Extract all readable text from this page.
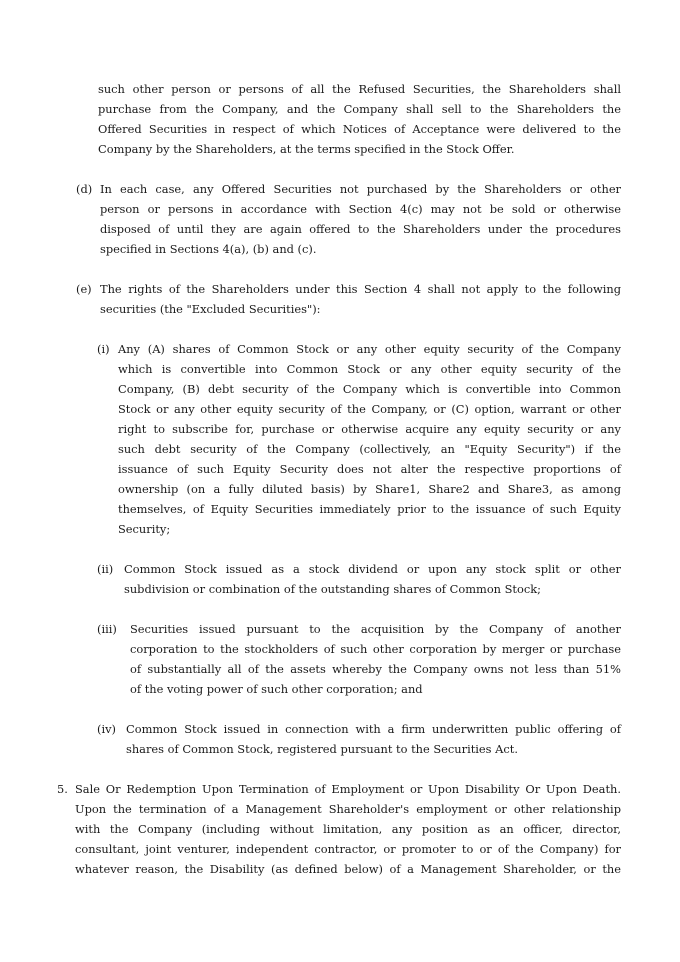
such other person or persons of all the Refused Securities, the Shareholders shall
purchase from the Company, and the Company shall sell to the Shareholders the
Offered Securities in respect of which Notices of Acceptance were delivered to the
Company by the Shareholders, at the terms specified in the Stock Offer.
(d) In each case, any Offered Securities not purchased by the Shareholders or other
person or persons in accordance with Section 4(c) may not be sold or otherwise
disposed of until they are again offered to the Shareholders under the procedures
specified in Sections 4(a), (b) and (c).
(e) The rights of the Shareholders under this Section 4 shall not apply to the following
securities (the "Excluded Securities"):
(i) Any (A) shares of Common Stock or any other equity security of the Company
which is convertible into Common Stock or any other equity security of the
Company, (B) debt security of the Company which is convertible into Common
Stock or any other equity security of the Company, or (C) option, warrant or other
right to subscribe for, purchase or otherwise acquire any equity security or any
such debt security of the Company (collectively, an "Equity Security") if the
issuance of such Equity Security does not alter the respective proportions of
ownership (on a fully diluted basis) by Share1, Share2 and Share3, as among
themselves, of Equity Securities immediately prior to the issuance of such Equity
Security;
(ii) Common Stock issued as a stock dividend or upon any stock split or other
subdivision or combination of the outstanding shares of Common Stock;
(iii) Securities issued pursuant to the acquisition by the Company of another
corporation to the stockholders of such other corporation by merger or purchase
of substantially all of the assets whereby the Company owns not less than 51%
of the voting power of such other corporation; and
(iv) Common Stock issued in connection with a firm underwritten public offering of
shares of Common Stock, registered pursuant to the Securities Act.
5. Sale Or Redemption Upon Termination of Employment or Upon Disability Or Upon Death.
Upon the termination of a Management Shareholder's employment or other relationship
with the Company (including without limitation, any position as an officer, director,
consultant, joint venturer, independent contractor, or promoter to or of the Company) for
whatever reason, the Disability (as defined below) of a Management Shareholder, or the
